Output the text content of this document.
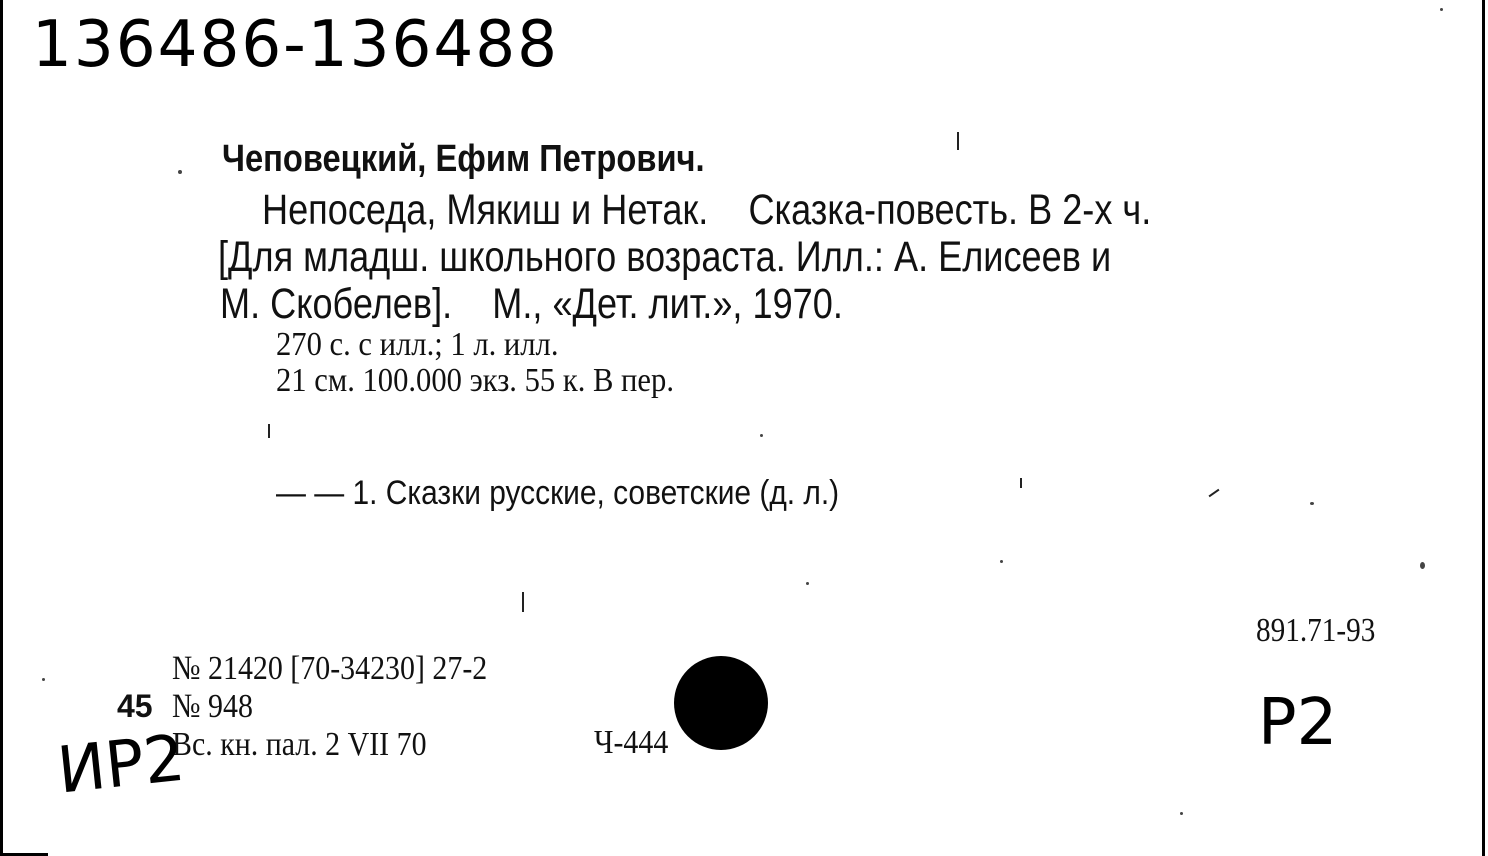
136486-136488
Чеповецкий, Ефим Петрович.
Непоседа, Мякиш и Нетак.    Сказка-повесть. В 2-х ч.
[Для младш. школьного возраста. Илл.: А. Елисеев и
М. Скобелев].    М., «Дет. лит.», 1970.
270 с. с илл.; 1 л. илл.
21 см. 100.000 экз. 55 к. В пер.
— — 1. Сказки русские, советские (д. л.)
891.71-93
45
№ 21420 [70-34230] 27-2
№ 948
Вс. кн. пал. 2 VII 70	Ч-444	P2
ИР2
